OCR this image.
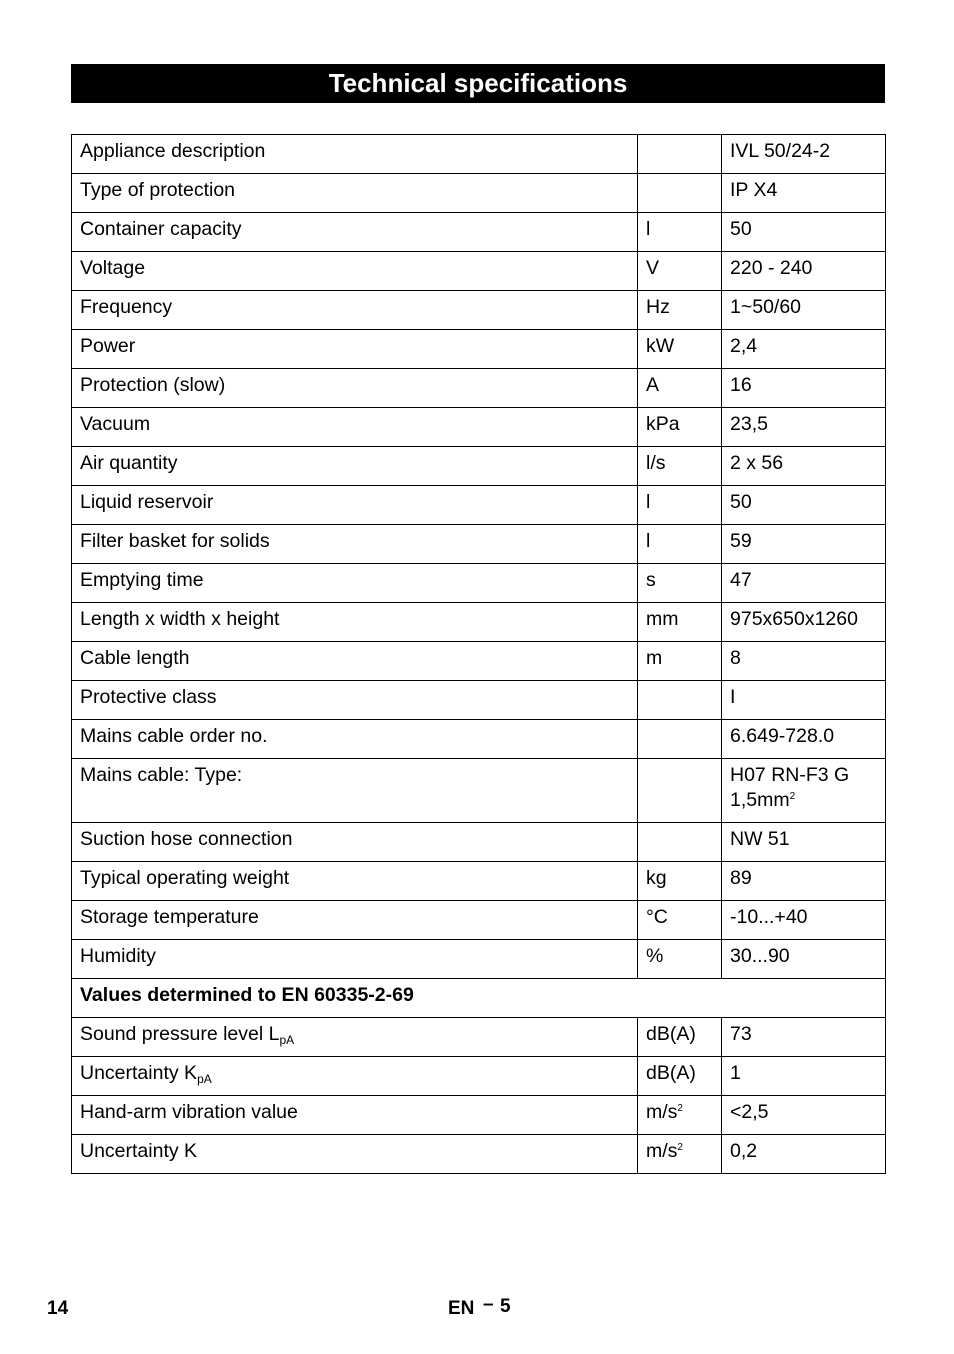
Technical specifications
Appliance description		IVL 50/24-2
Type of protection		IP X4
Container capacity	l	50
Voltage	V	220 - 240
Frequency	Hz	1~50/60
Power	kW	2,4
Protection (slow)	A	16
Vacuum	kPa	23,5
Air quantity	l/s	2 x 56
Liquid reservoir	l	50
Filter basket for solids	l	59
Emptying time	s	47
Length x width x height	mm	975x650x1260
Cable length	m	8
Protective class		I
Mains cable order no.		6.649-728.0
Mains cable: Type:		H07 RN-F3 G
$1,5mm^2$
Suction hose connection		NW 51
Typical operating weight	kg	89
Storage temperature	°C	-10...+40
Humidity	%	30...90
Values determined to EN 60335-2-69		
Sound pressure level $L_{pA}$	dB(A)	73
Uncertainty $K_{pA}$	dB(A)	1
Hand-arm vibration value	$m/s^2$	<2,5
Uncertainty K	$m/s^2$	0,2
14	EN – 5
